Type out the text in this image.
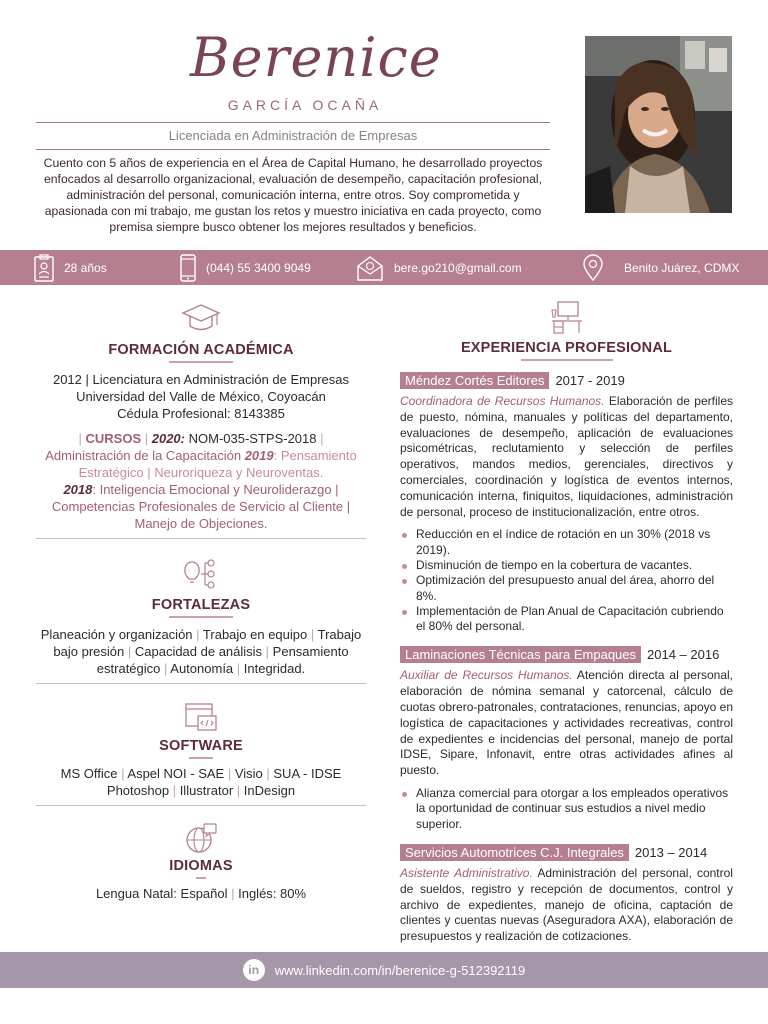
Berenice
GARCÍA OCAÑA
Licenciada en Administración de Empresas

Cuento con 5 años de experiencia en el Área de Capital Humano, he desarrollado proyectos enfocados al desarrollo organizacional, evaluación de desempeño, capacitación profesional, administración del personal, comunicación interna, entre otros. Soy comprometida y apasionada con mi trabajo, me gustan los retos y muestro iniciativa en cada proyecto, como premisa siempre busco obtener los mejores resultados y beneficios.

28 años	(044) 55 3400 9049	bere.go210@gmail.com	Benito Juárez, CDMX
FORMACIÓN ACADÉMICA
2012 | Licenciatura en Administración de Empresas
Universidad del Valle de México, Coyoacán
Cédula Profesional: 8143385
| CURSOS | 2020: NOM-035-STPS-2018 |
Administración de la Capacitación 2019: Pensamiento Estratégico | Neuroriqueza y Neuroventas.
2018: Inteligencia Emocional y Neuroliderazgo |
Competencias Profesionales de Servicio al Cliente |
Manejo de Objeciones.
FORTALEZAS
Planeación y organización | Trabajo en equipo | Trabajo bajo presión | Capacidad de análisis | Pensamiento estratégico | Autonomía | Integridad.
SOFTWARE
MS Office | Aspel NOI - SAE | Visio | SUA - IDSE
Photoshop | Illustrator | InDesign
IDIOMAS
Lengua Natal: Español | Inglés: 80%
EXPERIENCIA PROFESIONAL
Méndez Cortés Editores 2017 - 2019

Coordinadora de Recursos Humanos. Elaboración de perfiles de puesto, nómina, manuales y políticas del departamento, evaluaciones de desempeño, aplicación de evaluaciones psicométricas, reclutamiento y selección de perfiles operativos, mandos medios, gerenciales, directivos y comerciales, coordinación y logística de eventos internos, comunicación interna, finiquitos, liquidaciones, administración de personal, proceso de institucionalización, entre otros.

Reducción en el índice de rotación en un 30% (2018 vs 2019).
Disminución de tiempo en la cobertura de vacantes.
Optimización del presupuesto anual del área, ahorro del 8%.
Implementación de Plan Anual de Capacitación cubriendo el 80% del personal.
Laminaciones Técnicas para Empaques 2014 – 2016

Auxiliar de Recursos Humanos. Atención directa al personal, elaboración de nómina semanal y catorcenal, cálculo de cuotas obrero-patronales, contrataciones, renuncias, apoyo en logística de capacitaciones y actividades recreativas, control de expedientes e incidencias del personal, manejo de portal IDSE, Sipare, Infonavit, entre otras actividades afines al puesto.

Alianza comercial para otorgar a los empleados operativos la oportunidad de continuar sus estudios a nivel medio superior.
Servicios Automotrices C.J. Integrales 2013 – 2014

Asistente Administrativo. Administración del personal, control de sueldos, registro y recepción de documentos, control y archivo de expedientes, manejo de oficina, captación de clientes y cuentas nuevas (Aseguradora AXA), elaboración de presupuestos y realización de cotizaciones.

in	www.linkedin.com/in/berenice-g-512392119
